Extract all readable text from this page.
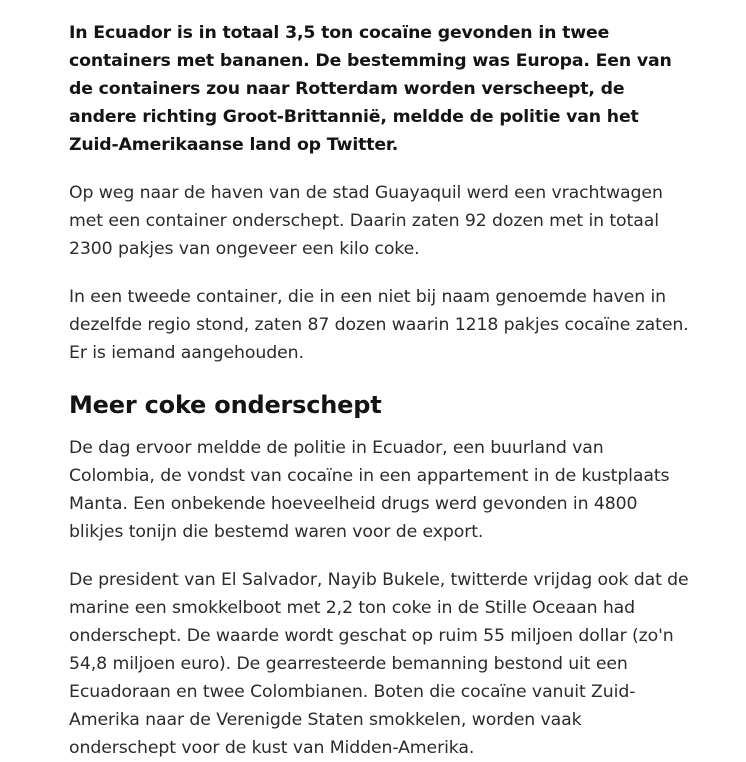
In Ecuador is in totaal 3,5 ton cocaïne gevonden in twee containers met bananen. De bestemming was Europa. Een van de containers zou naar Rotterdam worden verscheept, de andere richting Groot-Brittannië, meldde de politie van het Zuid-Amerikaanse land op Twitter.

Op weg naar de haven van de stad Guayaquil werd een vrachtwagen met een container onderschept. Daarin zaten 92 dozen met in totaal 2300 pakjes van ongeveer een kilo coke.

In een tweede container, die in een niet bij naam genoemde haven in dezelfde regio stond, zaten 87 dozen waarin 1218 pakjes cocaïne zaten. Er is iemand aangehouden.

Meer coke onderschept

De dag ervoor meldde de politie in Ecuador, een buurland van Colombia, de vondst van cocaïne in een appartement in de kustplaats Manta. Een onbekende hoeveelheid drugs werd gevonden in 4800 blikjes tonijn die bestemd waren voor de export.

De president van El Salvador, Nayib Bukele, twitterde vrijdag ook dat de marine een smokkelboot met 2,2 ton coke in de Stille Oceaan had onderschept. De waarde wordt geschat op ruim 55 miljoen dollar (zo'n 54,8 miljoen euro). De gearresteerde bemanning bestond uit een Ecuadoraan en twee Colombianen. Boten die cocaïne vanuit Zuid-Amerika naar de Verenigde Staten smokkelen, worden vaak onderschept voor de kust van Midden-Amerika.
